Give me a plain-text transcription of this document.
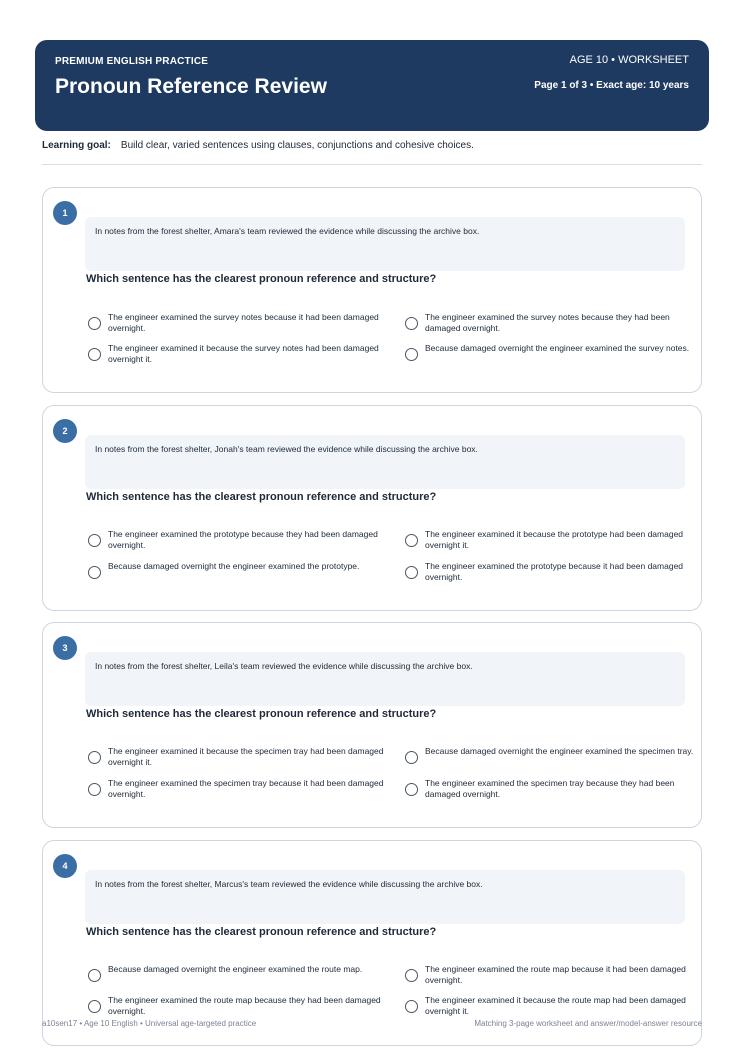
PREMIUM ENGLISH PRACTICE
Pronoun Reference Review
AGE 10 • WORKSHEET
Page 1 of 3 • Exact age: 10 years
Learning goal: Build clear, varied sentences using clauses, conjunctions and cohesive choices.
1
In notes from the forest shelter, Amara's team reviewed the evidence while discussing the archive box.
Which sentence has the clearest pronoun reference and structure?
The engineer examined the survey notes because it had been damaged overnight.
The engineer examined the survey notes because they had been damaged overnight.
The engineer examined it because the survey notes had been damaged overnight it.
Because damaged overnight the engineer examined the survey notes.
2
In notes from the forest shelter, Jonah's team reviewed the evidence while discussing the archive box.
Which sentence has the clearest pronoun reference and structure?
The engineer examined the prototype because they had been damaged overnight.
The engineer examined it because the prototype had been damaged overnight it.
Because damaged overnight the engineer examined the prototype.	The engineer examined the prototype because it had been damaged overnight.
3
In notes from the forest shelter, Leila's team reviewed the evidence while discussing the archive box.
Which sentence has the clearest pronoun reference and structure?
The engineer examined it because the specimen tray had been damaged overnight it.
Because damaged overnight the engineer examined the specimen tray.
The engineer examined the specimen tray because it had been damaged overnight.
The engineer examined the specimen tray because they had been damaged overnight.
4
In notes from the forest shelter, Marcus's team reviewed the evidence while discussing the archive box.
Which sentence has the clearest pronoun reference and structure?
Because damaged overnight the engineer examined the route map.	The engineer examined the route map because it had been damaged overnight.
The engineer examined the route map because they had been damaged overnight.
The engineer examined it because the route map had been damaged overnight it.
a10sen17 • Age 10 English • Universal age-targeted practice	Matching 3-page worksheet and answer/model-answer resource
